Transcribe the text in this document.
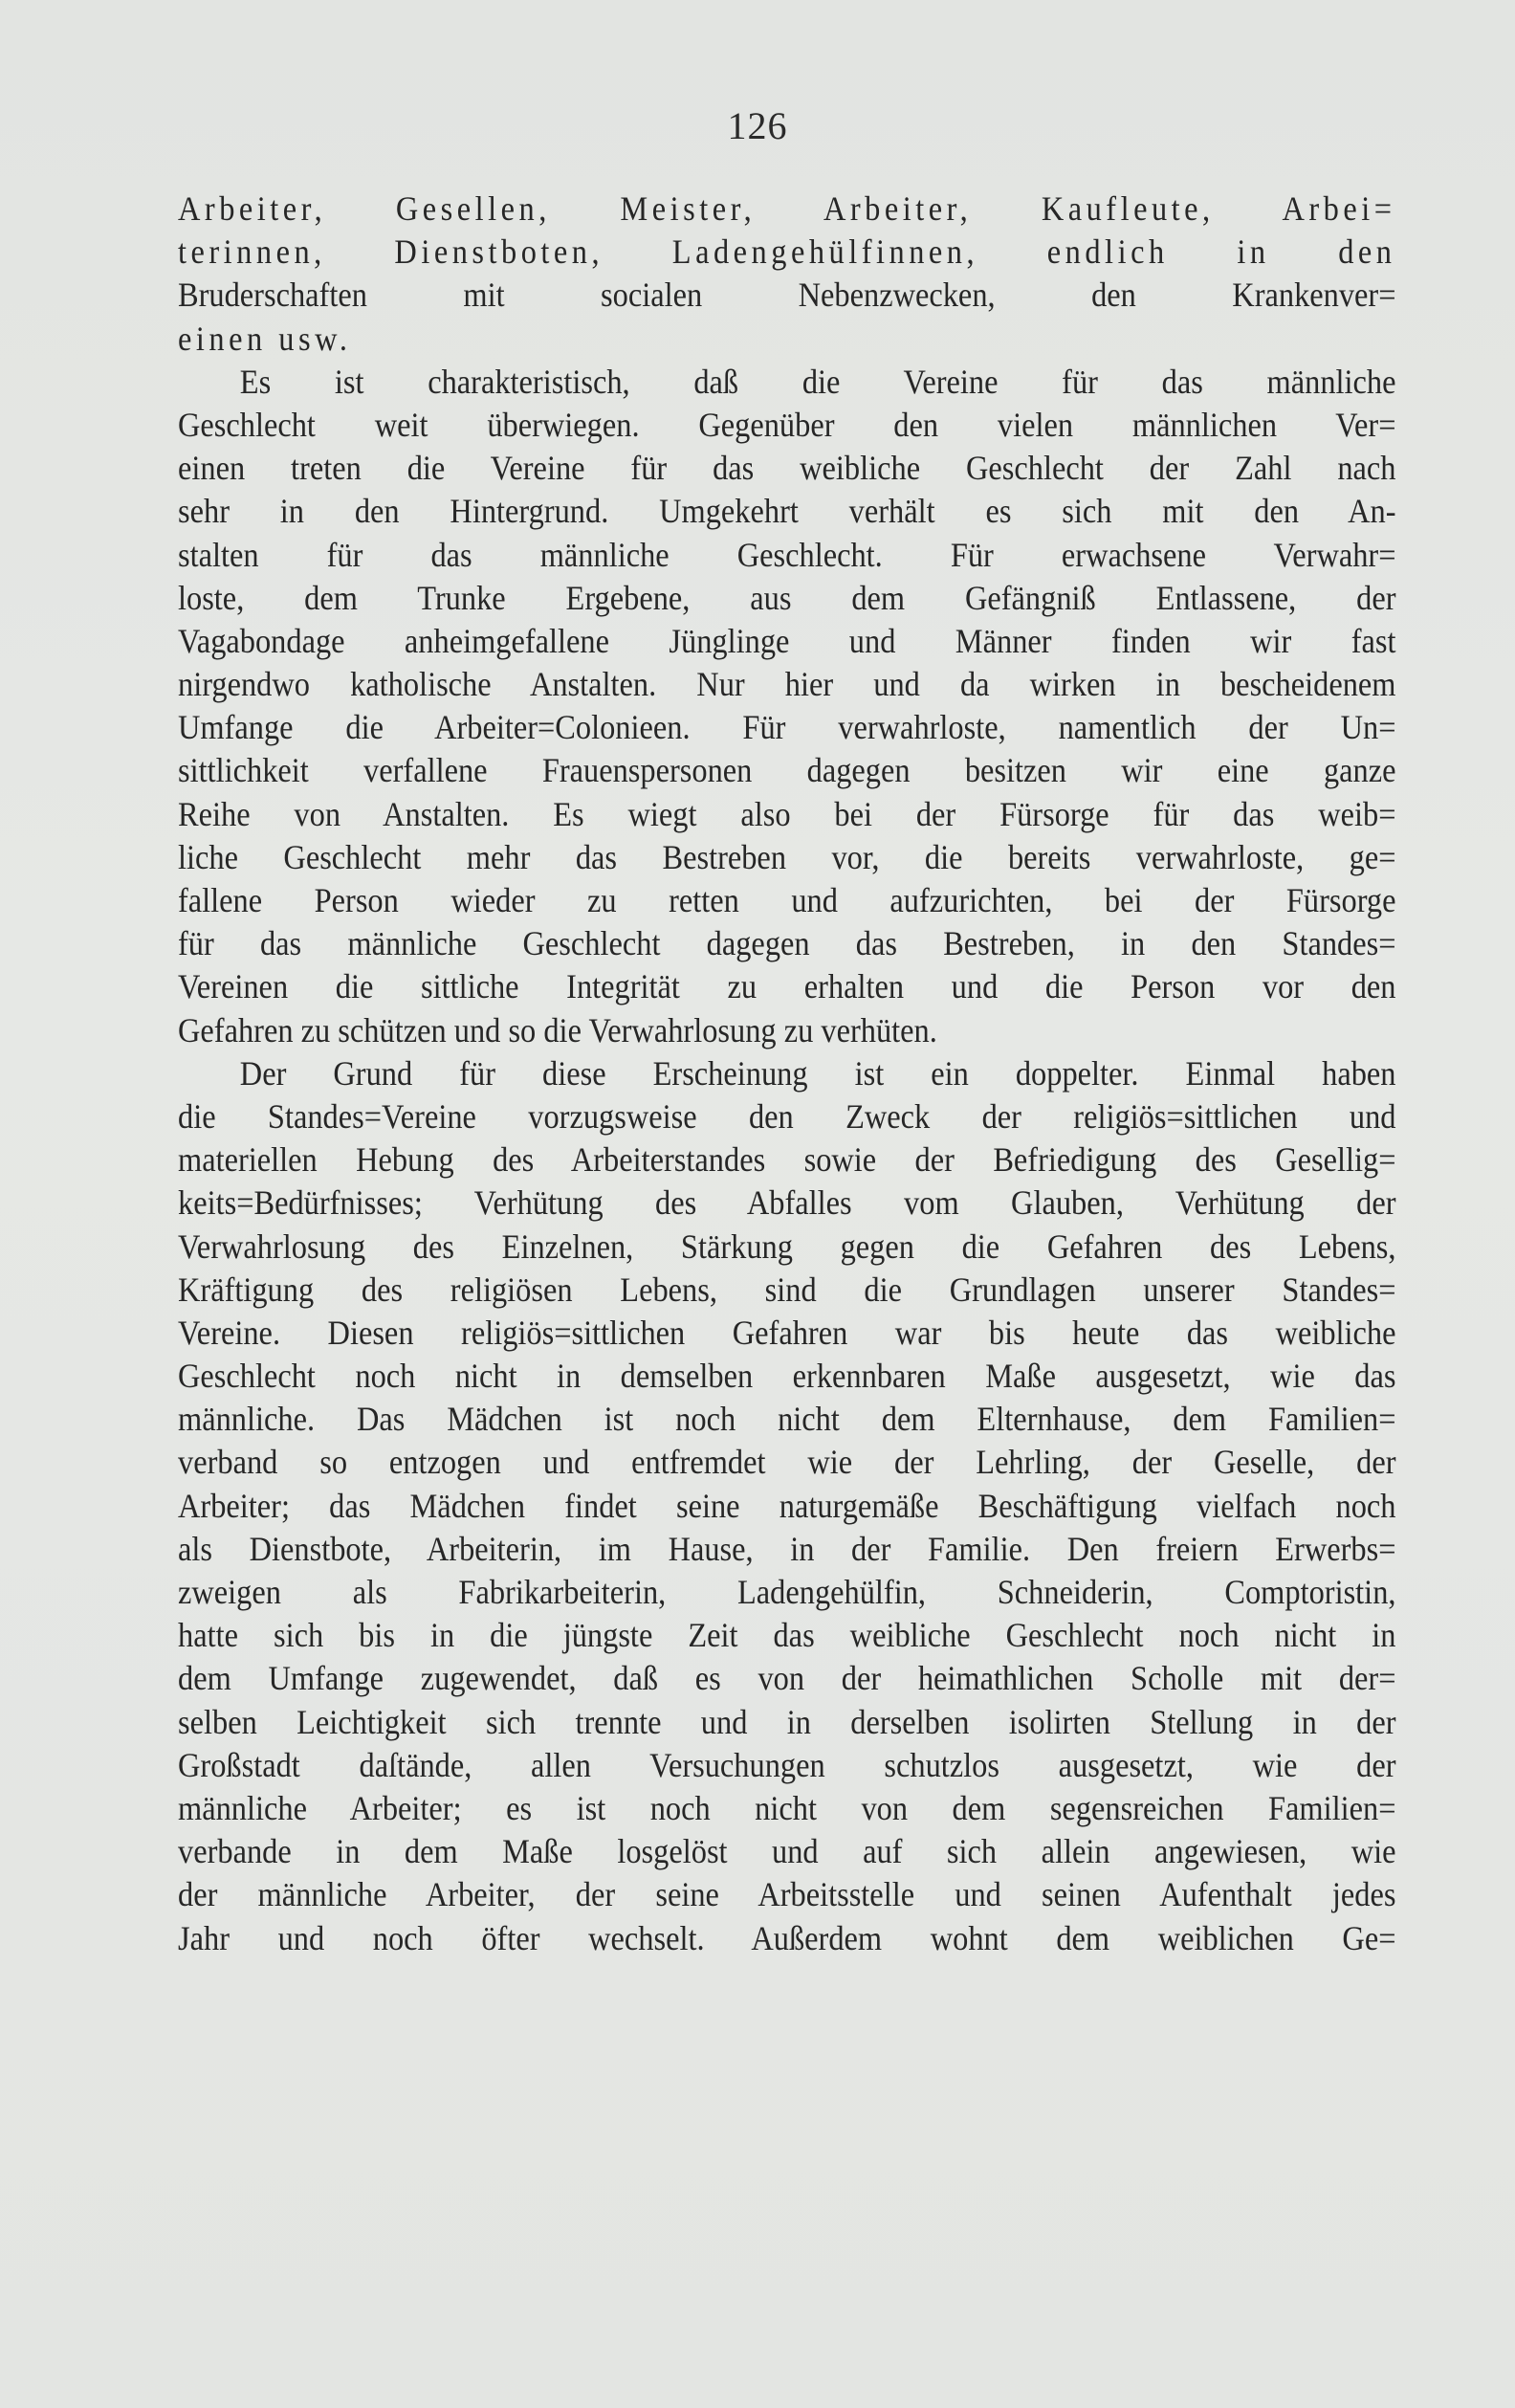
126
Arbeiter, Gesellen, Meister, Arbeiter, Kaufleute, Arbei=
terinnen, Dienstboten, Ladengehülfinnen, endlich in den
Bruderschaften mit socialen Nebenzwecken, den Krankenver=
einen usw.
Es ist charakteristisch, daß die Vereine für das männliche
Geschlecht weit überwiegen. Gegenüber den vielen männlichen Ver=
einen treten die Vereine für das weibliche Geschlecht der Zahl nach
sehr in den Hintergrund. Umgekehrt verhält es sich mit den An-
stalten für das männliche Geschlecht. Für erwachsene Verwahr=
loste, dem Trunke Ergebene, aus dem Gefängniß Entlassene, der
Vagabondage anheimgefallene Jünglinge und Männer finden wir fast
nirgendwo katholische Anstalten. Nur hier und da wirken in bescheidenem
Umfange die Arbeiter=Colonieen. Für verwahrloste, namentlich der Un=
sittlichkeit verfallene Frauenspersonen dagegen besitzen wir eine ganze
Reihe von Anstalten. Es wiegt also bei der Fürsorge für das weib=
liche Geschlecht mehr das Bestreben vor, die bereits verwahrloste, ge=
fallene Person wieder zu retten und aufzurichten, bei der Fürsorge
für das männliche Geschlecht dagegen das Bestreben, in den Standes=
Vereinen die sittliche Integrität zu erhalten und die Person vor den
Gefahren zu schützen und so die Verwahrlosung zu verhüten.
Der Grund für diese Erscheinung ist ein doppelter. Einmal haben
die Standes=Vereine vorzugsweise den Zweck der religiös=sittlichen und
materiellen Hebung des Arbeiterstandes sowie der Befriedigung des Gesellig=
keits=Bedürfnisses; Verhütung des Abfalles vom Glauben, Verhütung der
Verwahrlosung des Einzelnen, Stärkung gegen die Gefahren des Lebens,
Kräftigung des religiösen Lebens, sind die Grundlagen unserer Standes=
Vereine. Diesen religiös=sittlichen Gefahren war bis heute das weibliche
Geschlecht noch nicht in demselben erkennbaren Maße ausgesetzt, wie das
männliche. Das Mädchen ist noch nicht dem Elternhause, dem Familien=
verband so entzogen und entfremdet wie der Lehrling, der Geselle, der
Arbeiter; das Mädchen findet seine naturgemäße Beschäftigung vielfach noch
als Dienstbote, Arbeiterin, im Hause, in der Familie. Den freiern Erwerbs=
zweigen als Fabrikarbeiterin, Ladengehülfin, Schneiderin, Comptoristin,
hatte sich bis in die jüngste Zeit das weibliche Geschlecht noch nicht in
dem Umfange zugewendet, daß es von der heimathlichen Scholle mit der=
selben Leichtigkeit sich trennte und in derselben isolirten Stellung in der
Großstadt daſtände, allen Versuchungen schutzlos ausgesetzt, wie der
männliche Arbeiter; es ist noch nicht von dem segensreichen Familien=
verbande in dem Maße losgelöst und auf sich allein angewiesen, wie
der männliche Arbeiter, der seine Arbeitsstelle und seinen Aufenthalt jedes
Jahr und noch öfter wechselt. Außerdem wohnt dem weiblichen Ge=
